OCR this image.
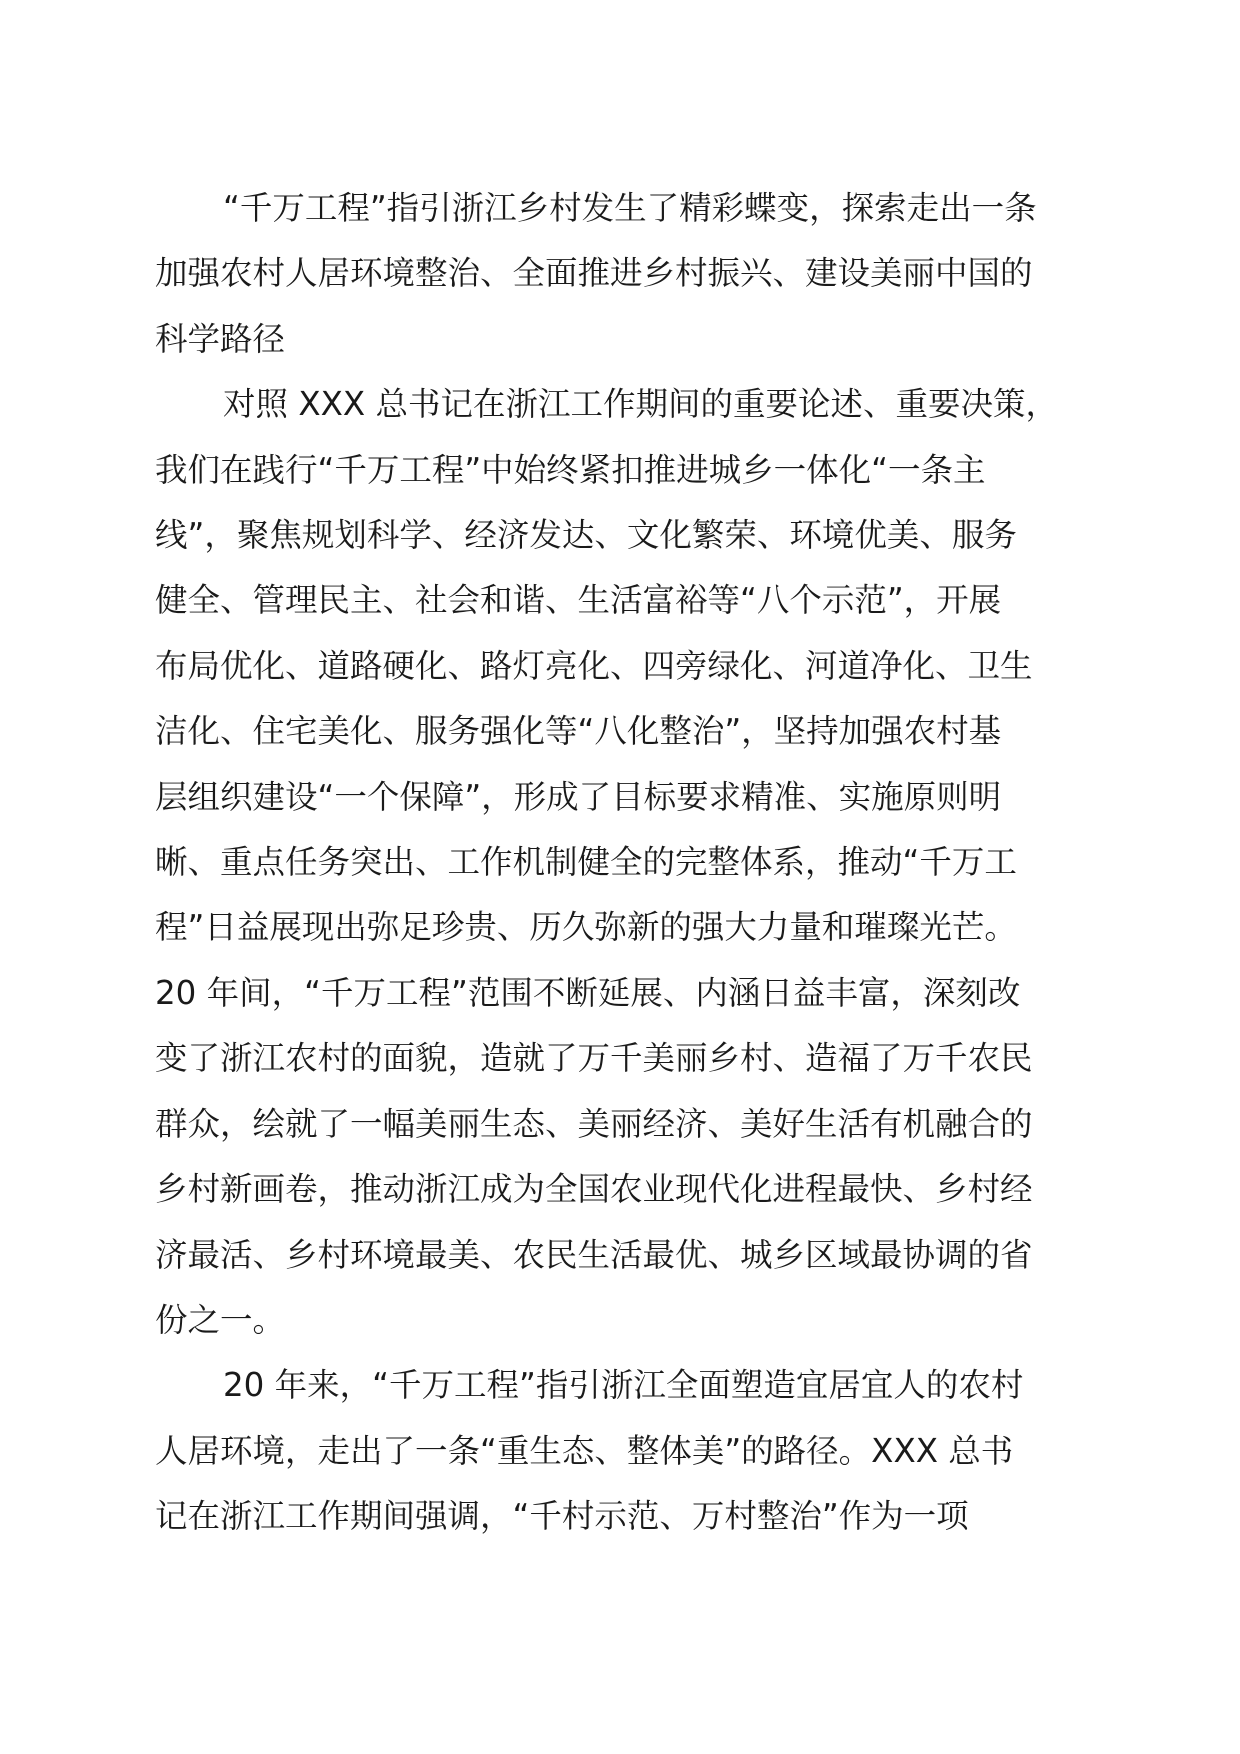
“千万工程”指引浙江乡村发生了精彩蝶变，探索走出一条
加强农村人居环境整治、全面推进乡村振兴、建设美丽中国的
科学路径
对照 XXX 总书记在浙江工作期间的重要论述、重要决策，
我们在践行“千万工程”中始终紧扣推进城乡一体化“一条主
线”，聚焦规划科学、经济发达、文化繁荣、环境优美、服务
健全、管理民主、社会和谐、生活富裕等“八个示范”，开展
布局优化、道路硬化、路灯亮化、四旁绿化、河道净化、卫生
洁化、住宅美化、服务强化等“八化整治”，坚持加强农村基
层组织建设“一个保障”，形成了目标要求精准、实施原则明
晰、重点任务突出、工作机制健全的完整体系，推动“千万工
程”日益展现出弥足珍贵、历久弥新的强大力量和璀璨光芒。
20 年间，“千万工程”范围不断延展、内涵日益丰富，深刻改
变了浙江农村的面貌，造就了万千美丽乡村、造福了万千农民
群众，绘就了一幅美丽生态、美丽经济、美好生活有机融合的
乡村新画卷，推动浙江成为全国农业现代化进程最快、乡村经
济最活、乡村环境最美、农民生活最优、城乡区域最协调的省
份之一。
20 年来，“千万工程”指引浙江全面塑造宜居宜人的农村
人居环境，走出了一条“重生态、整体美”的路径。XXX 总书
记在浙江工作期间强调，“千村示范、万村整治”作为一项
